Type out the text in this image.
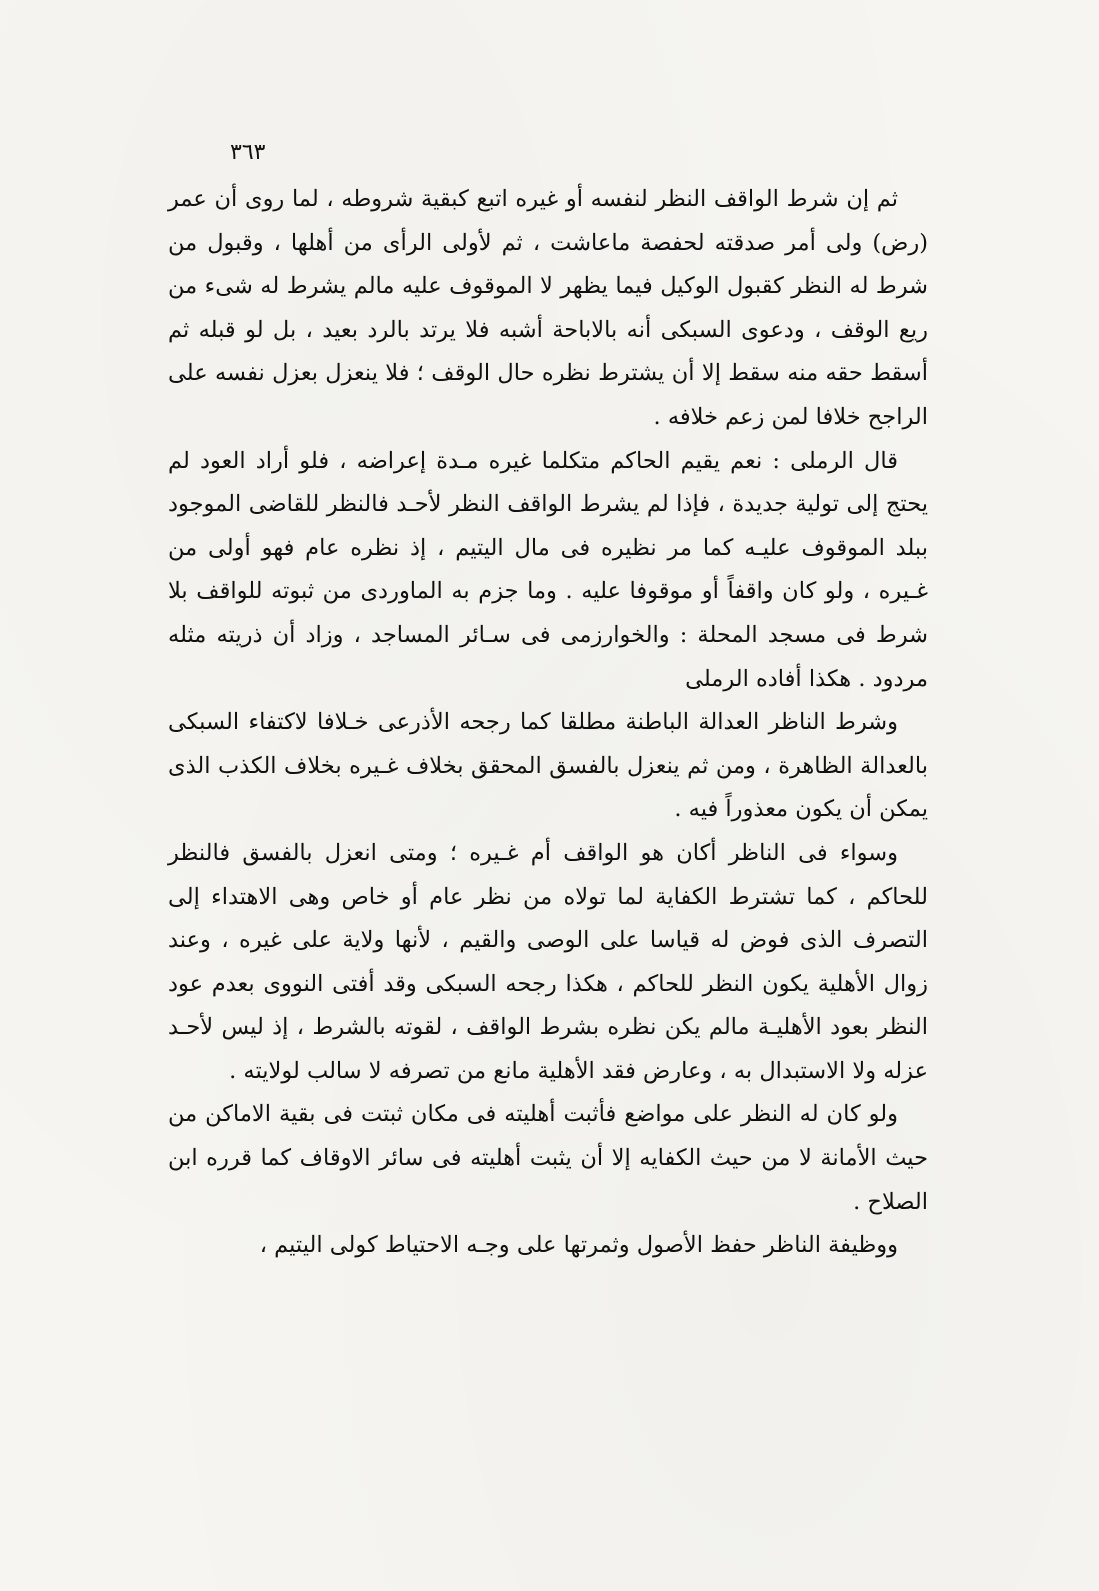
٣٦٣

ثم إن شرط الواقف النظر لنفسه أو غيره اتبع كبقية شروطه ، لما روى أن عمر (رض) ولى أمر صدقته لحفصة ماعاشت ، ثم لأولى الرأى من أهلها ، وقبول من شرط له النظر كقبول الوكيل فيما يظهر لا الموقوف عليه مالم يشرط له شىء من ريع الوقف ، ودعوى السبكى أنه بالاباحة أشبه فلا يرتد بالرد بعيد ، بل لو قبله ثم أسقط حقه منه سقط إلا أن يشترط نظره حال الوقف ؛ فلا ينعزل بعزل نفسه على الراجح خلافا لمن زعم خلافه .

قال الرملى : نعم يقيم الحاكم متكلما غيره مـدة إعراضه ، فلو أراد العود لم يحتج إلى تولية جديدة ، فإذا لم يشرط الواقف النظر لأحـد فالنظر للقاضى الموجود ببلد الموقوف عليـه كما مر نظيره فى مال اليتيم ، إذ نظره عام فهو أولى من غـيره ، ولو كان واقفاً أو موقوفا عليه . وما جزم به الماوردى من ثبوته للواقف بلا شرط فى مسجد المحلة : والخوارزمى فى سـائر المساجد ، وزاد أن ذريته مثله مردود . هكذا أفاده الرملى

وشرط الناظر العدالة الباطنة مطلقا كما رجحه الأذرعى خـلافا لاكتفاء السبكى بالعدالة الظاهرة ، ومن ثم ينعزل بالفسق المحقق بخلاف غـيره بخلاف الكذب الذى يمكن أن يكون معذوراً فيه .

وسواء فى الناظر أكان هو الواقف أم غـيره ؛ ومتى انعزل بالفسق فالنظر للحاكم ، كما تشترط الكفاية لما تولاه من نظر عام أو خاص وهى الاهتداء إلى التصرف الذى فوض له قياسا على الوصى والقيم ، لأنها ولاية على غيره ، وعند زوال الأهلية يكون النظر للحاكم ، هكذا رجحه السبكى وقد أفتى النووى بعدم عود النظر بعود الأهليـة مالم يكن نظره بشرط الواقف ، لقوته بالشرط ، إذ ليس لأحـد عزله ولا الاستبدال به ، وعارض فقد الأهلية مانع من تصرفه لا سالب لولايته .

ولو كان له النظر على مواضع فأثبت أهليته فى مكان ثبتت فى بقية الاماكن من حيث الأمانة لا من حيث الكفايه إلا أن يثبت أهليته فى سائر الاوقاف كما قرره ابن الصلاح .

ووظيفة الناظر حفظ الأصول وثمرتها على وجـه الاحتياط كولى اليتيم ،
